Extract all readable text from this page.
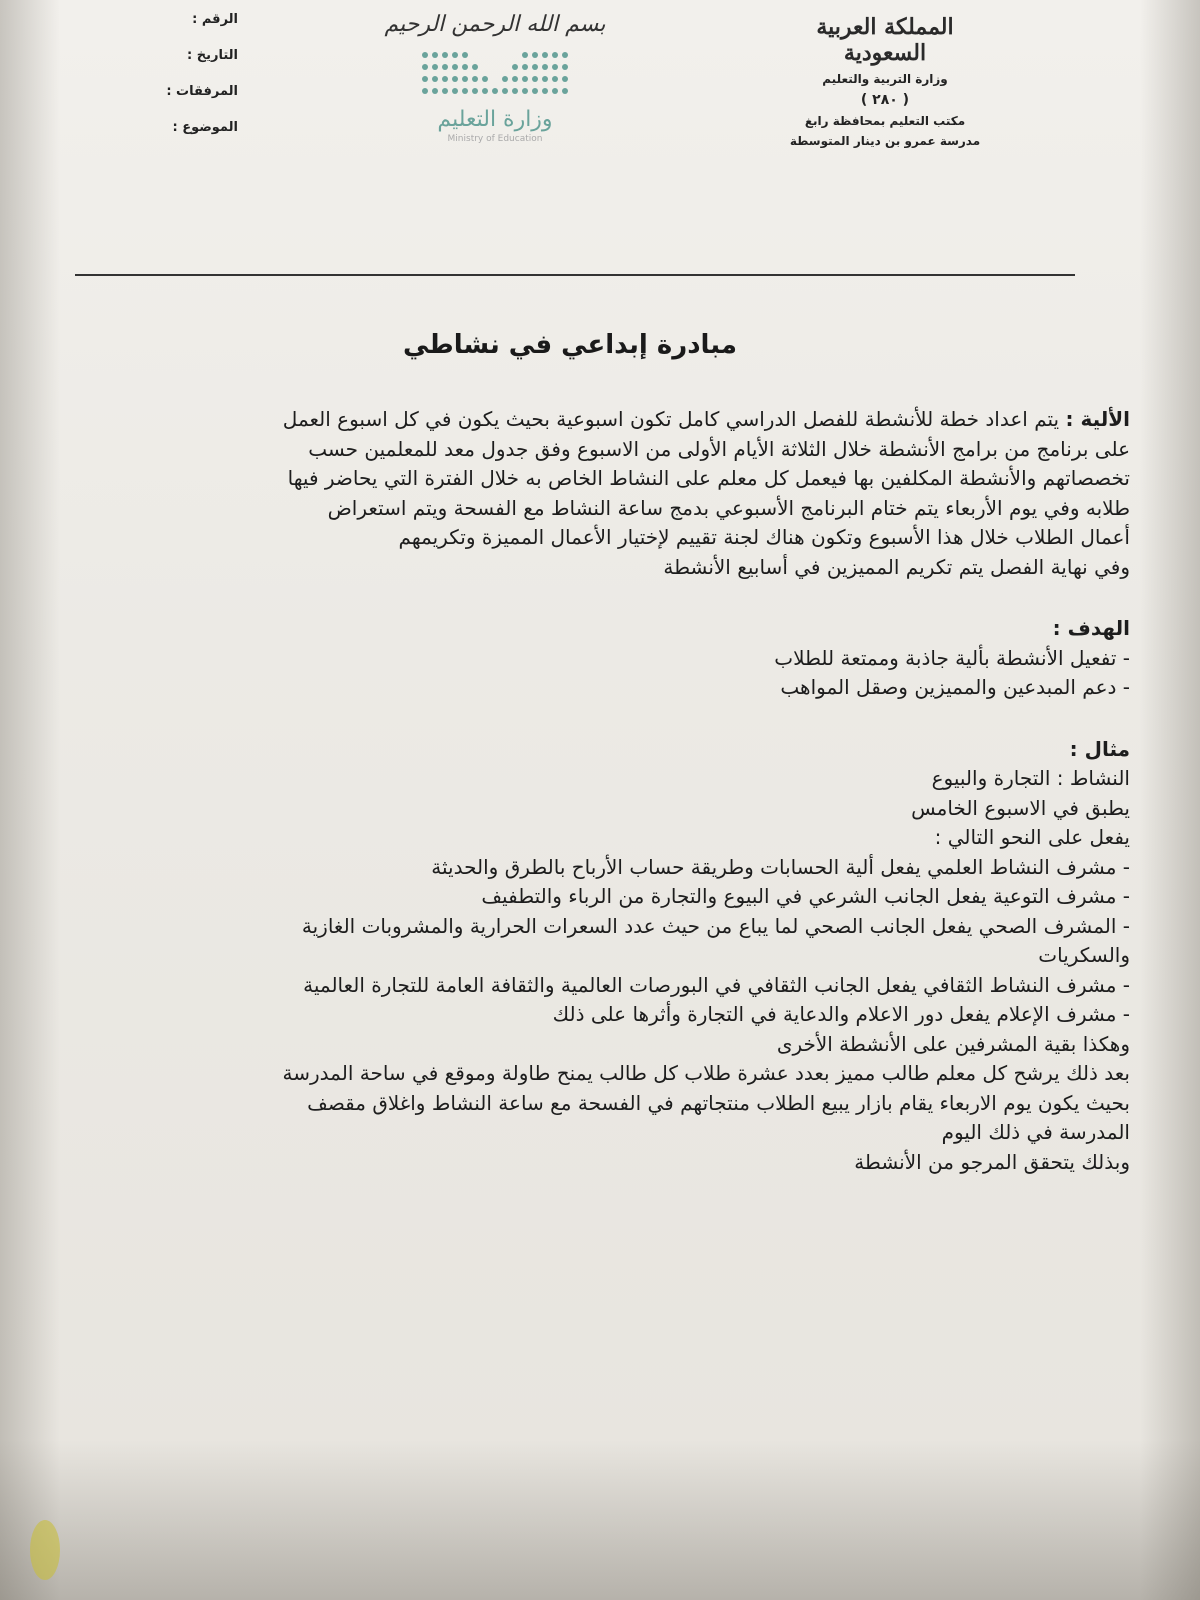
المملكة العربية السعودية
وزارة التربية والتعليم
( ٢٨٠ )
مكتب التعليم بمحافظة رابغ
مدرسة عمرو بن دينار المتوسطة
بسم الله الرحمن الرحيم
وزارة التعليم
Ministry of Education
الرقم :
التاريخ :
المرفقات :
الموضوع :
مبادرة إبداعي في نشاطي

الألية : يتم اعداد خطة للأنشطة للفصل الدراسي كامل تكون اسبوعية بحيث يكون في كل اسبوع العمل

على برنامج من برامج الأنشطة خلال الثلاثة الأيام الأولى من الاسبوع وفق جدول معد للمعلمين حسب

تخصصاتهم والأنشطة المكلفين بها فيعمل كل معلم على النشاط الخاص به خلال الفترة التي يحاضر فيها

طلابه وفي يوم الأربعاء يتم ختام البرنامج الأسبوعي بدمج ساعة النشاط مع الفسحة ويتم استعراض

أعمال الطلاب خلال هذا الأسبوع وتكون هناك لجنة تقييم لإختيار الأعمال المميزة وتكريمهم

وفي نهاية الفصل يتم تكريم المميزين في أسابيع الأنشطة

الهدف :

- تفعيل الأنشطة بألية جاذبة وممتعة للطلاب

- دعم المبدعين والمميزين وصقل المواهب

مثال :

النشاط : التجارة والبيوع

يطبق في الاسبوع الخامس

يفعل على النحو التالي :

- مشرف النشاط العلمي يفعل ألية الحسابات وطريقة حساب الأرباح بالطرق والحديثة

- مشرف التوعية يفعل الجانب الشرعي في البيوع والتجارة من الرباء والتطفيف

- المشرف الصحي يفعل الجانب الصحي لما يباع من حيث عدد السعرات الحرارية والمشروبات الغازية

والسكريات

- مشرف النشاط الثقافي يفعل الجانب الثقافي في البورصات العالمية والثقافة العامة للتجارة العالمية

- مشرف الإعلام يفعل دور الاعلام والدعاية في التجارة وأثرها على ذلك

وهكذا بقية المشرفين على الأنشطة الأخرى

بعد ذلك يرشح كل معلم طالب مميز بعدد عشرة طلاب كل طالب يمنح طاولة وموقع في ساحة المدرسة

بحيث يكون يوم الاربعاء يقام بازار يبيع الطلاب منتجاتهم في الفسحة مع ساعة النشاط واغلاق مقصف

المدرسة في ذلك اليوم

وبذلك يتحقق المرجو من الأنشطة
